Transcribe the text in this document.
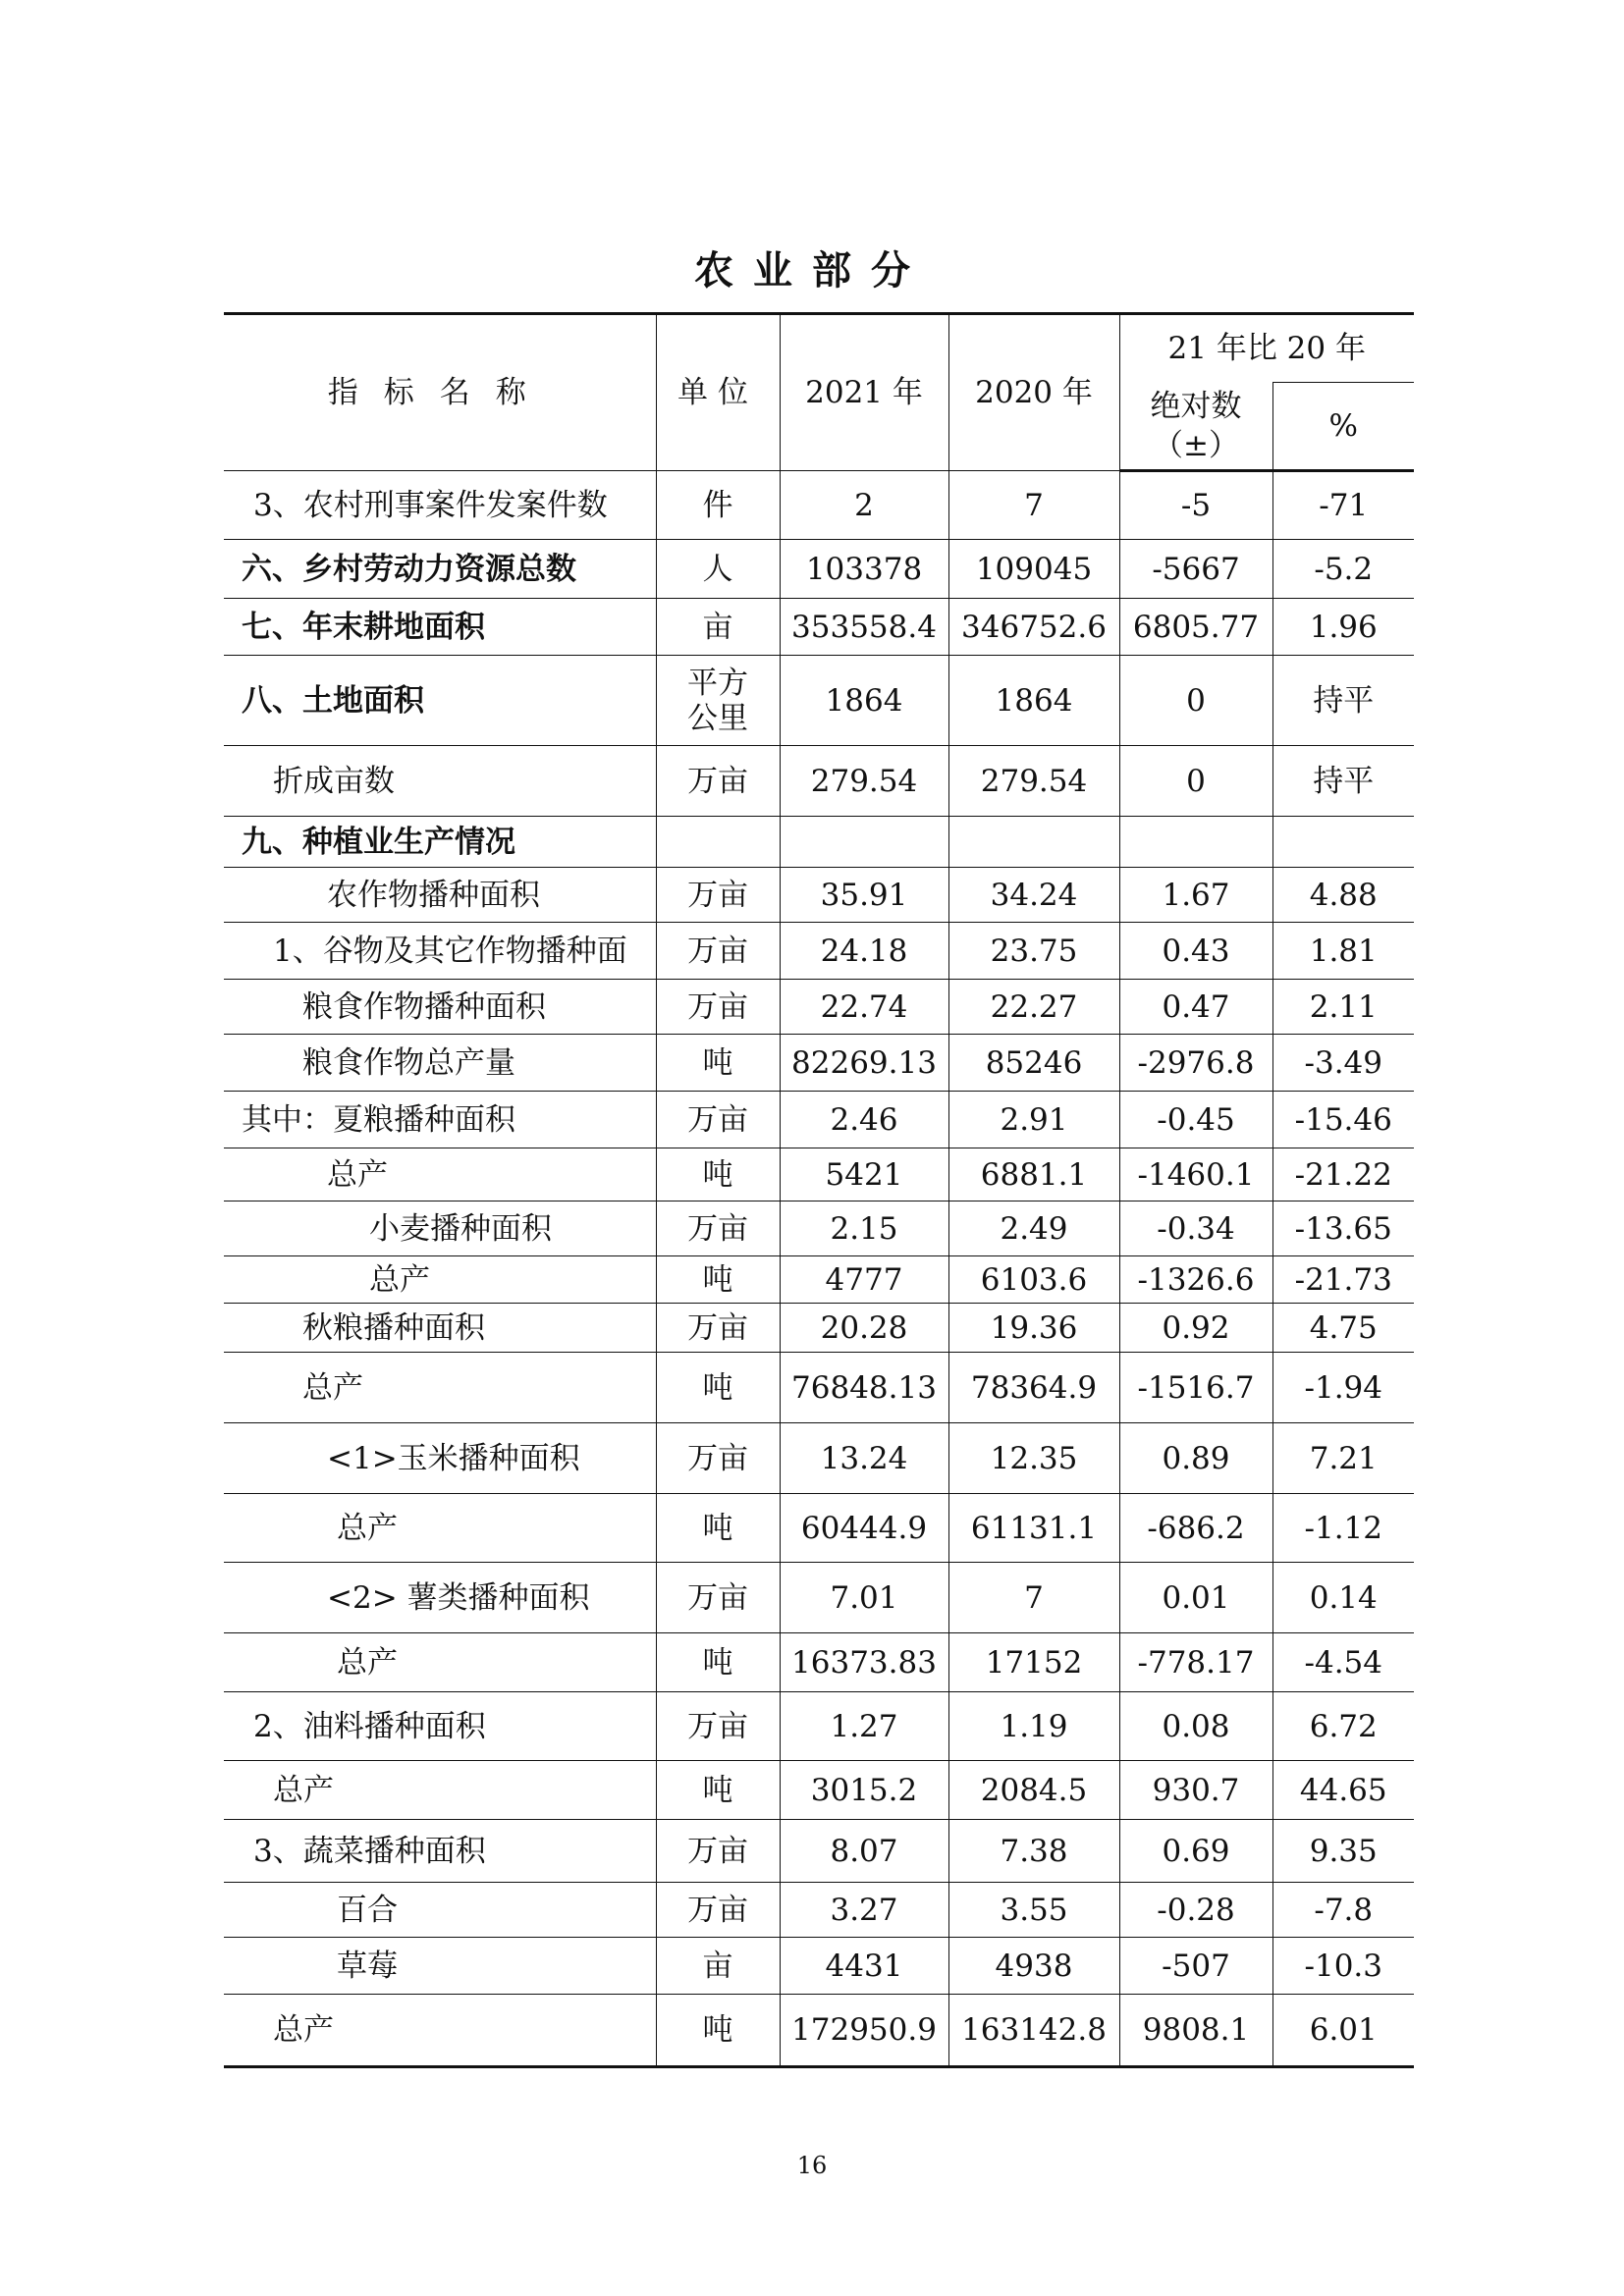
农业部分
指标名称	单位	2021 年	2020 年	21 年比 20 年	
				绝对数（±）	%
3、农村刑事案件发案件数	件	2	7	-5	-71
六、乡村劳动力资源总数	人	103378	109045	-5667	-5.2
七、年末耕地面积	亩	353558.4	346752.6	6805.77	1.96
八、土地面积	平方公里	1864	1864	0	持平
折成亩数	万亩	279.54	279.54	0	持平
九、种植业生产情况					
农作物播种面积	万亩	35.91	34.24	1.67	4.88
1、谷物及其它作物播种面	万亩	24.18	23.75	0.43	1.81
粮食作物播种面积	万亩	22.74	22.27	0.47	2.11
粮食作物总产量	吨	82269.13	85246	-2976.8	-3.49
其中：夏粮播种面积	万亩	2.46	2.91	-0.45	-15.46
总产	吨	5421	6881.1	-1460.1	-21.22
小麦播种面积	万亩	2.15	2.49	-0.34	-13.65
总产	吨	4777	6103.6	-1326.6	-21.73
秋粮播种面积	万亩	20.28	19.36	0.92	4.75
总产	吨	76848.13	78364.9	-1516.7	-1.94
<1>玉米播种面积	万亩	13.24	12.35	0.89	7.21
总产	吨	60444.9	61131.1	-686.2	-1.12
<2> 薯类播种面积	万亩	7.01	7	0.01	0.14
总产	吨	16373.83	17152	-778.17	-4.54
2、油料播种面积	万亩	1.27	1.19	0.08	6.72
总产	吨	3015.2	2084.5	930.7	44.65
3、蔬菜播种面积	万亩	8.07	7.38	0.69	9.35
百合	万亩	3.27	3.55	-0.28	-7.8
草莓	亩	4431	4938	-507	-10.3
总产	吨	172950.9	163142.8	9808.1	6.01
16
